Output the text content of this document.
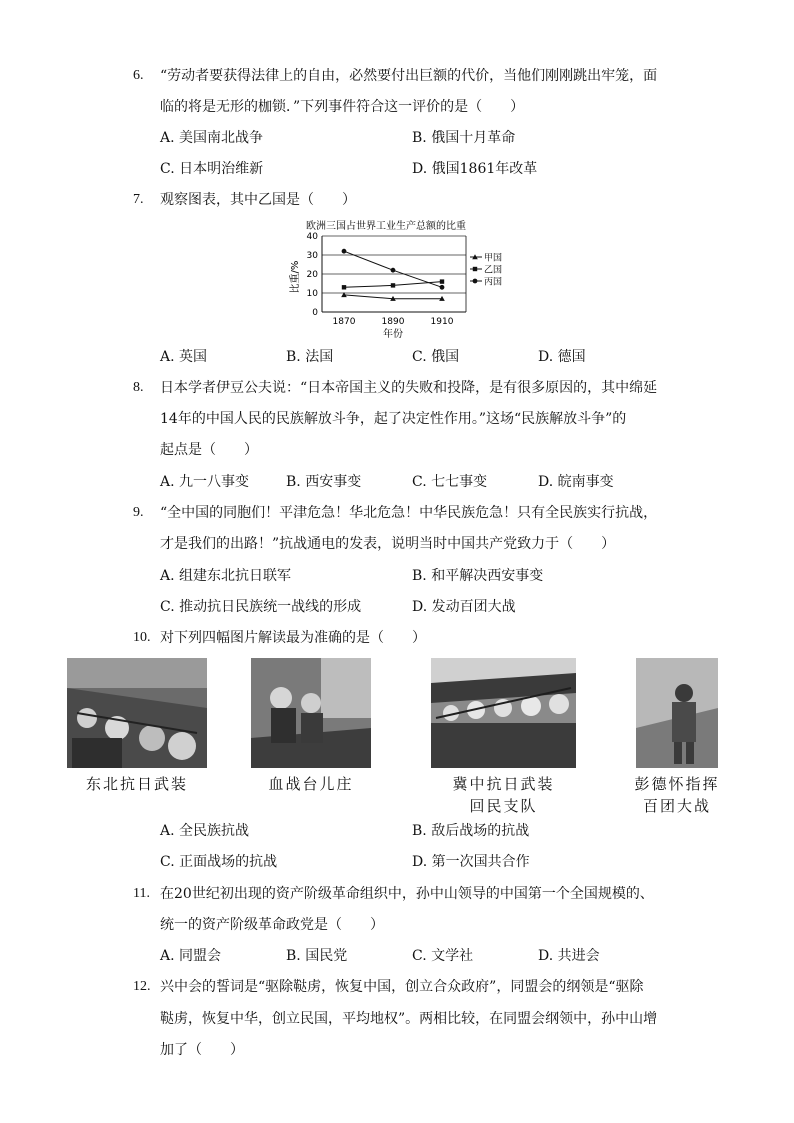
6. “劳动者要获得法律上的自由，必然要付出巨额的代价，当他们刚刚跳出牢笼，面
临的将是无形的枷锁．”下列事件符合这一评价的是（　　）
A. 美国南北战争	B. 俄国十月革命
C. 日本明治维新	D. 俄国1861年改革
7. 观察图表，其中乙国是（　　）
欧洲三国占世界工业生产总额的比重
0
10
20
30
40
1870	1890	1910
甲国
乙国
丙国
比重/%
年份
A. 英国	B. 法国	C. 俄国	D. 德国
8. 日本学者伊豆公夫说：“日本帝国主义的失败和投降，是有很多原因的，其中绵延
14年的中国人民的民族解放斗争，起了决定性作用。”这场“民族解放斗争”的
起点是（　　）
A. 九一八事变	B. 西安事变	C. 七七事变	D. 皖南事变
9. “全中国的同胞们！平津危急！华北危急！中华民族危急！只有全民族实行抗战，
才是我们的出路！”抗战通电的发表，说明当时中国共产党致力于（　　）
A. 组建东北抗日联军	B. 和平解决西安事变
C. 推动抗日民族统一战线的形成	D. 发动百团大战
10. 对下列四幅图片解读最为准确的是（　　）
东北抗日武装	血战台儿庄	冀中抗日武装
回民支队
彭德怀指挥
百团大战
A. 全民族抗战	B. 敌后战场的抗战
C. 正面战场的抗战	D. 第一次国共合作
11. 在20世纪初出现的资产阶级革命组织中，孙中山领导的中国第一个全国规模的、
统一的资产阶级革命政党是（　　）
A. 同盟会	B. 国民党	C. 文学社	D. 共进会
12. 兴中会的誓词是“驱除鞑虏，恢复中国，创立合众政府”，同盟会的纲领是“驱除
鞑虏，恢复中华，创立民国，平均地权”。两相比较，在同盟会纲领中，孙中山增
加了（　　）
